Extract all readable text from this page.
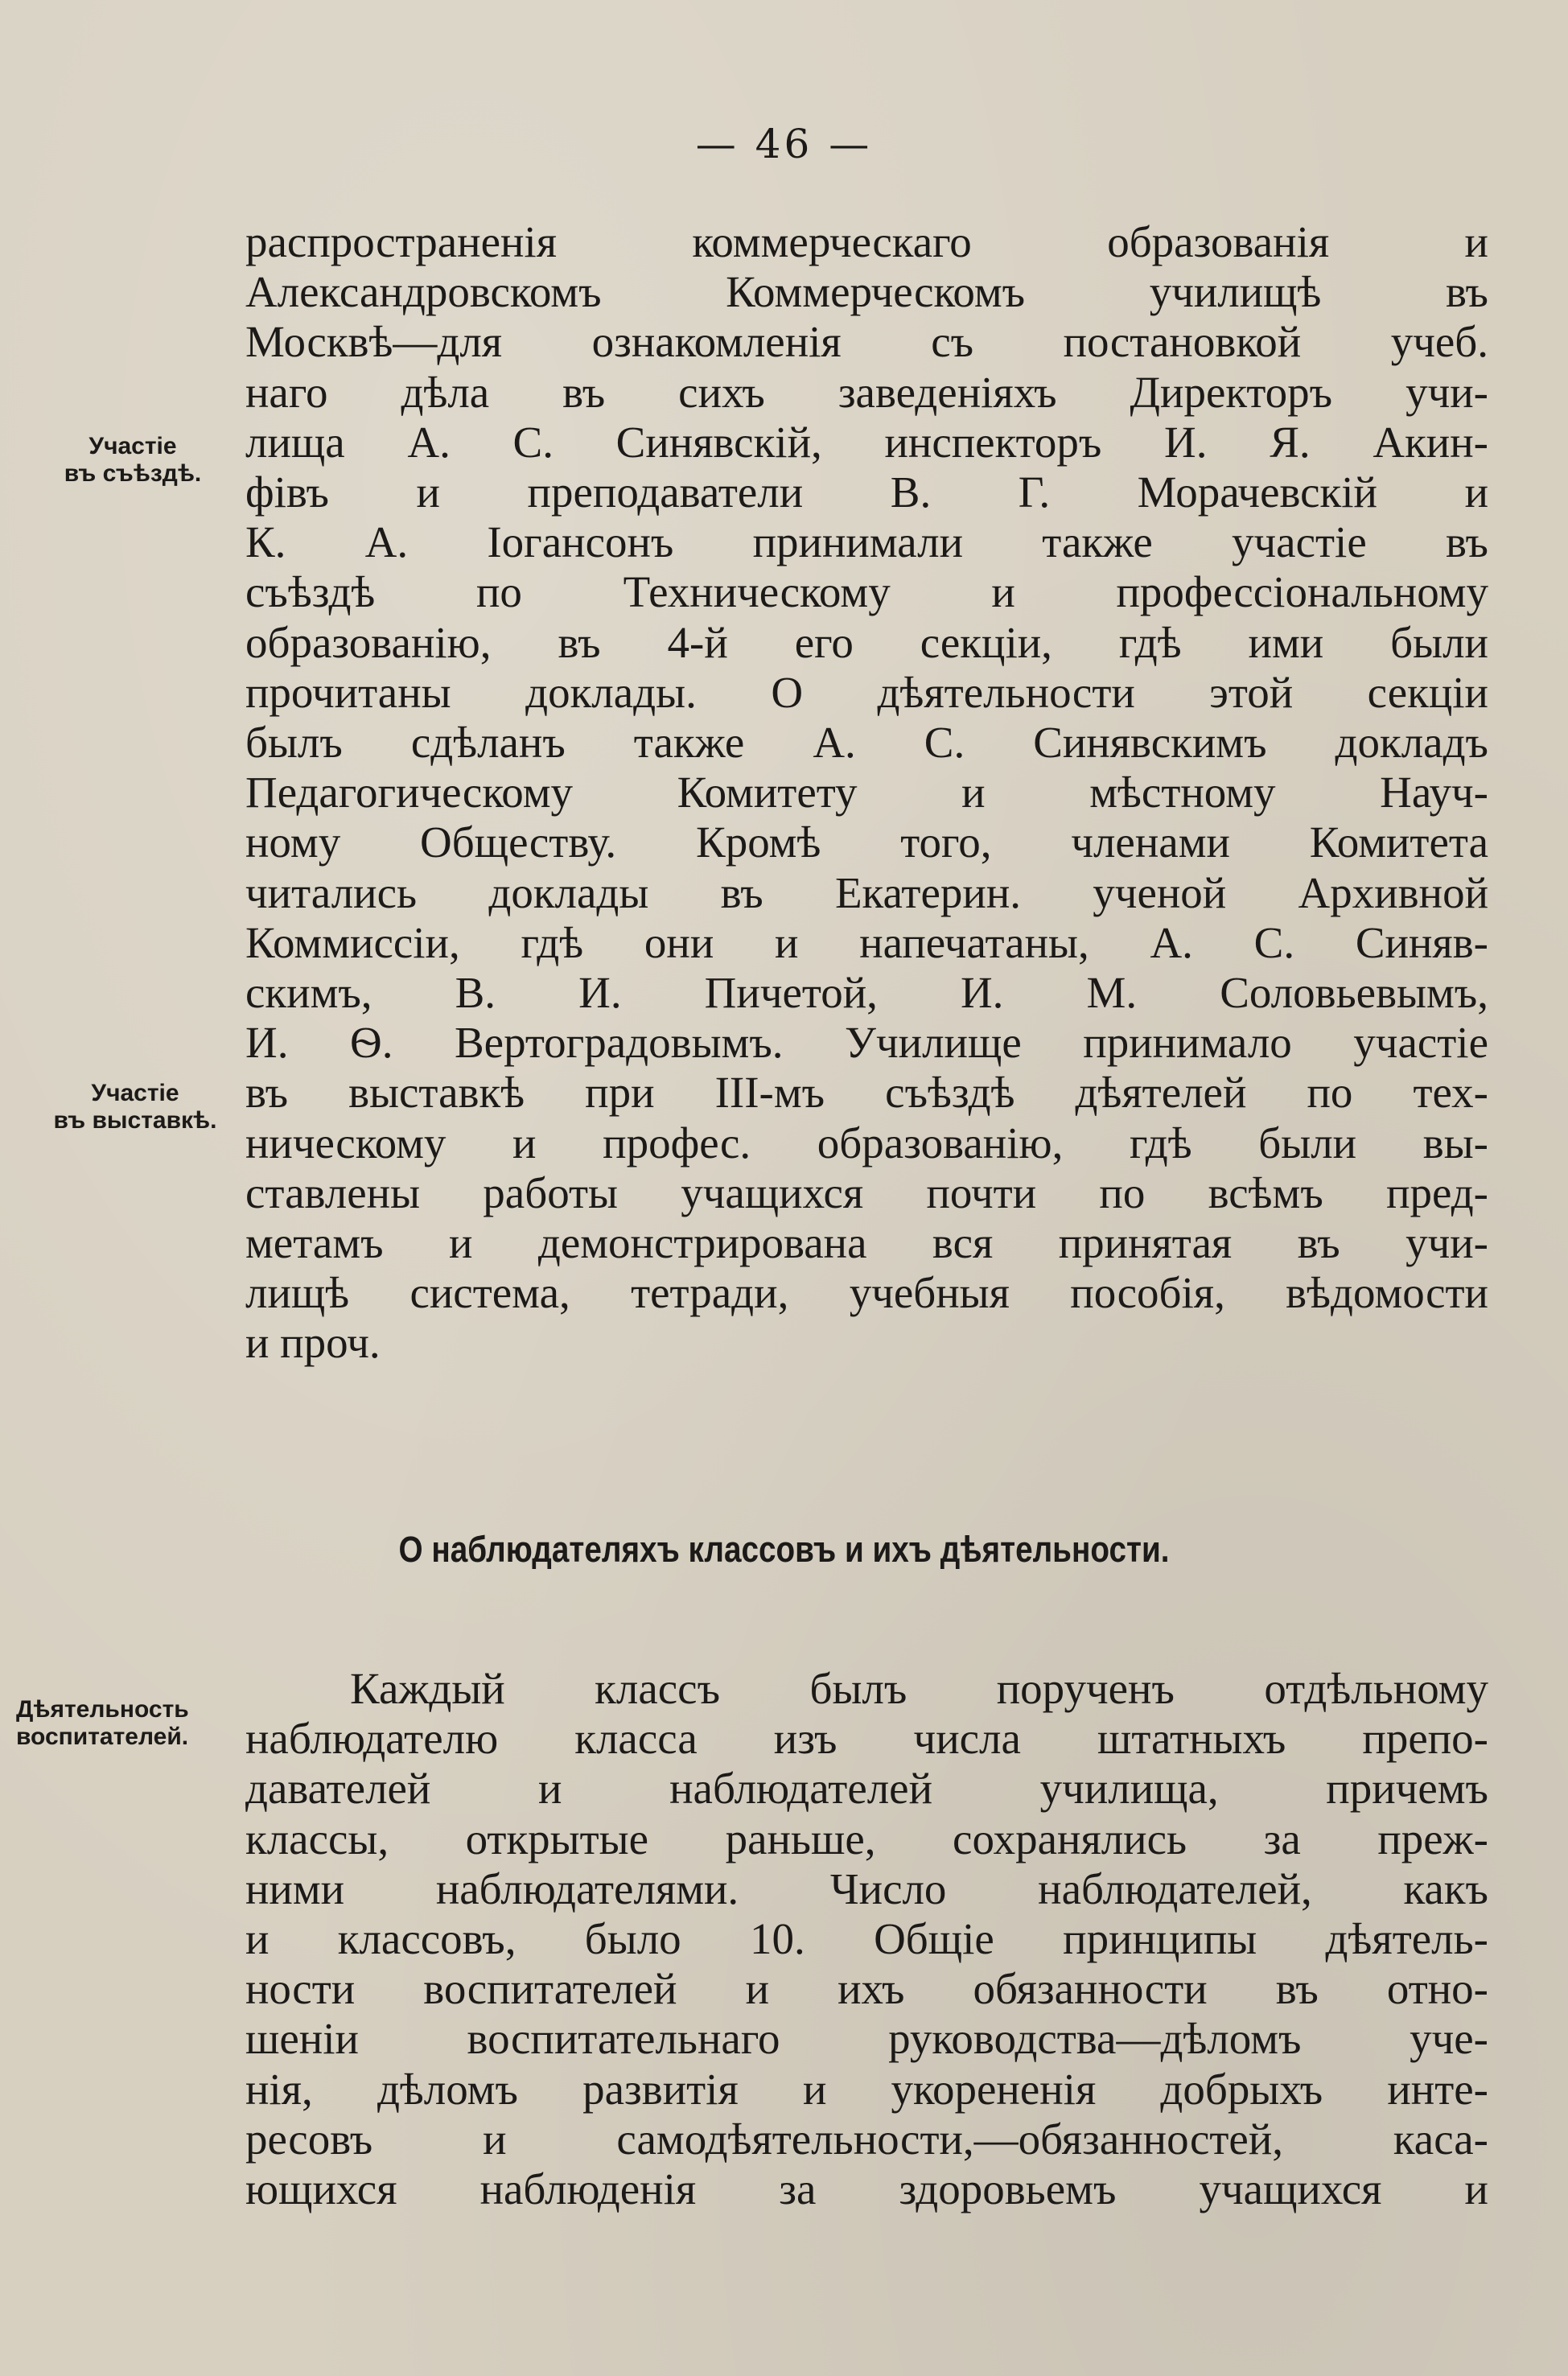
— 46 —
Участіе
въ съѣздѣ.
Участіе
въ выставкѣ.
Дѣятельность
воспитателей.
распространенія коммерческаго образованія и
Александровскомъ Коммерческомъ училищѣ въ
Москвѣ—для ознакомленія съ постановкой учеб.
наго дѣла въ сихъ заведеніяхъ Директоръ учи-
лища А. С. Синявскій, инспекторъ И. Я. Акин-
фівъ и преподаватели В. Г. Морачевскій и
К. А. Іогансонъ принимали также участіе въ
съѣздѣ по Техническому и профессіональному
образованію, въ 4-й его секціи, гдѣ ими были
прочитаны доклады. О дѣятельности этой секціи
былъ сдѣланъ также А. С. Синявскимъ докладъ
Педагогическому Комитету и мѣстному Науч-
ному Обществу. Кромѣ того, членами Комитета
читались доклады въ Екатерин. ученой Архивной
Коммиссіи, гдѣ они и напечатаны, А. С. Синяв-
скимъ, В. И. Пичетой, И. М. Соловьевымъ,
И. Ѳ. Вертоградовымъ. Училище принимало участіе
въ выставкѣ при III-мъ съѣздѣ дѣятелей по тех-
ническому и профес. образованію, гдѣ были вы-
ставлены работы учащихся почти по всѣмъ пред-
метамъ и демонстрирована вся принятая въ учи-
лищѣ система, тетради, учебныя пособія, вѣдомости
и проч.
О наблюдателяхъ классовъ и ихъ дѣятельности.
Каждый классъ былъ порученъ отдѣльному
наблюдателю класса изъ числа штатныхъ препо-
давателей и наблюдателей училища, причемъ
классы, открытые раньше, сохранялись за преж-
ними наблюдателями. Число наблюдателей, какъ
и классовъ, было 10. Общіе принципы дѣятель-
ности воспитателей и ихъ обязанности въ отно-
шеніи воспитательнаго руководства—дѣломъ уче-
нія, дѣломъ развитія и укорененія добрыхъ инте-
ресовъ и самодѣятельности,—обязанностей, каса-
ющихся наблюденія за здоровьемъ учащихся и
